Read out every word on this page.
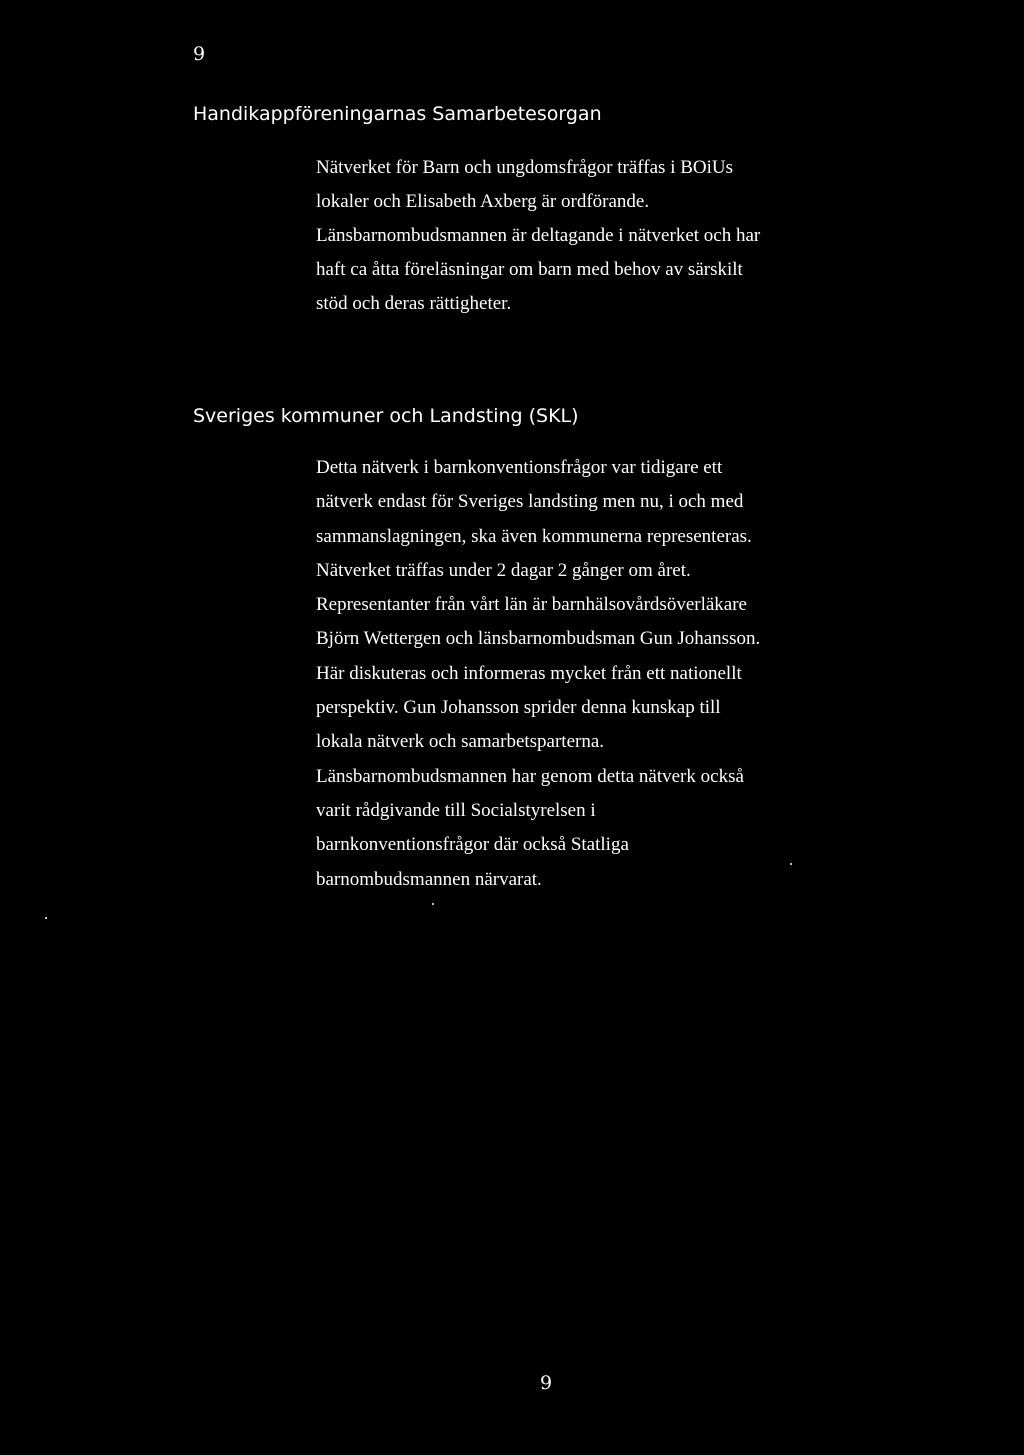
9
Handikappföreningarnas Samarbetesorgan
Nätverket för Barn och ungdomsfrågor träffas i BOiUs
lokaler och Elisabeth Axberg är ordförande.
Länsbarnombudsmannen är deltagande i nätverket och har
haft ca åtta föreläsningar om barn med behov av särskilt
stöd och deras rättigheter.
Sveriges kommuner och Landsting (SKL)
Detta nätverk i barnkonventionsfrågor var tidigare ett
nätverk endast för Sveriges landsting men nu, i och med
sammanslagningen, ska även kommunerna representeras.
Nätverket träffas under 2 dagar 2 gånger om året.
Representanter från vårt län är barnhälsovårdsöverläkare
Björn Wettergen och länsbarnombudsman Gun Johansson.
Här diskuteras och informeras mycket från ett nationellt
perspektiv. Gun Johansson sprider denna kunskap till
lokala nätverk och samarbetsparterna.
Länsbarnombudsmannen har genom detta nätverk också
varit rådgivande till Socialstyrelsen i
barnkonventionsfrågor där också Statliga
barnombudsmannen närvarat.
9
